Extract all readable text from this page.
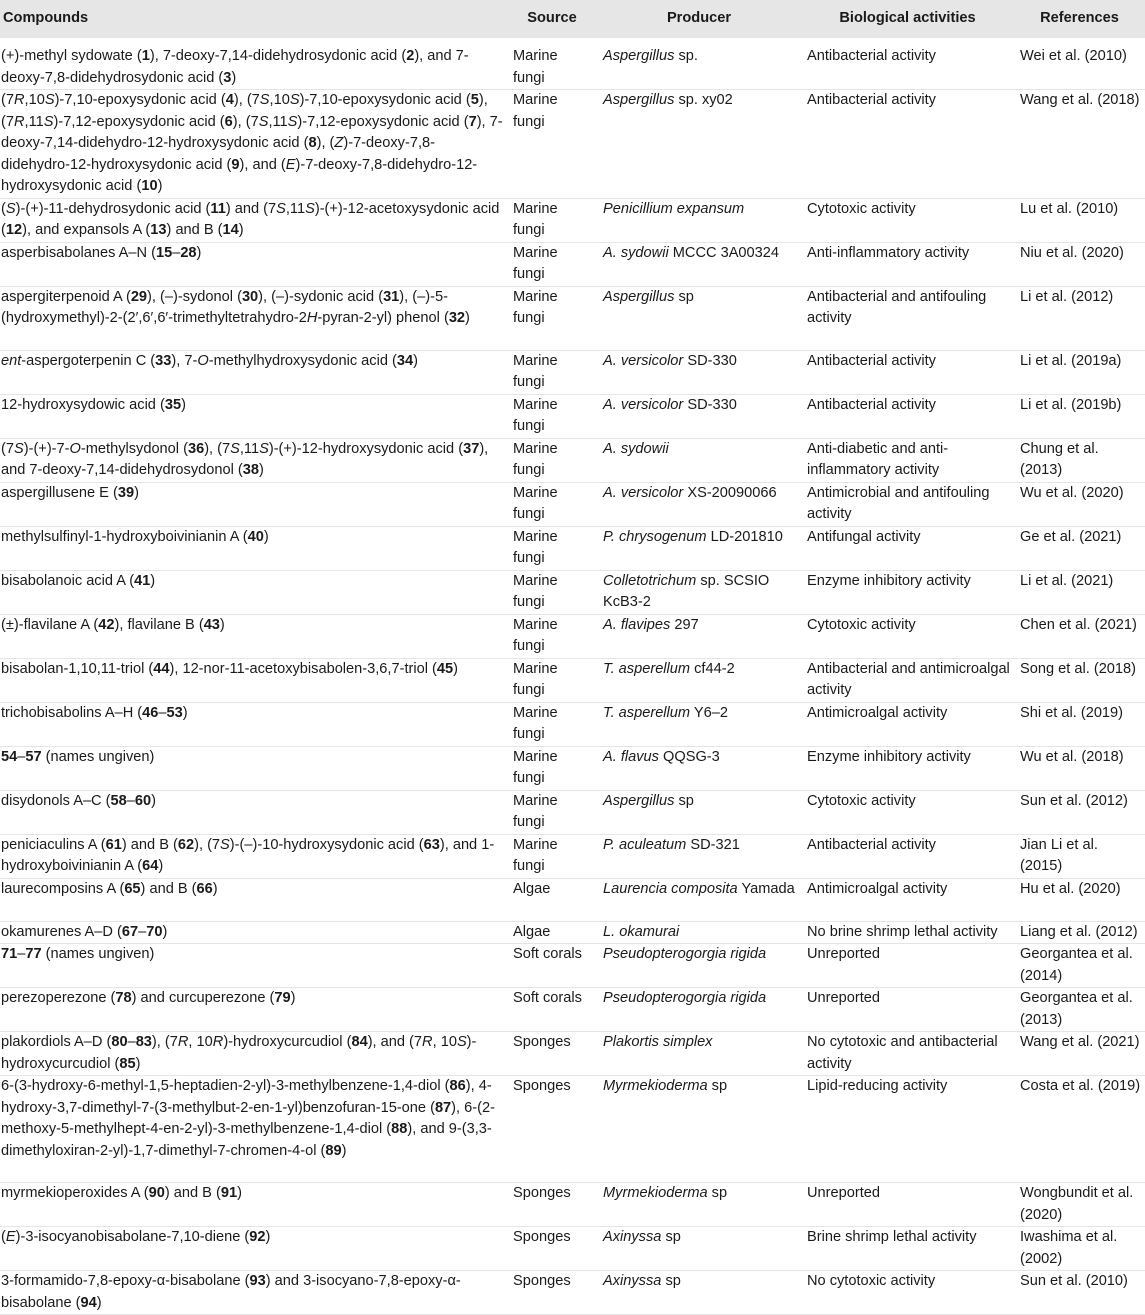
Compounds	Source	Producer	Biological activities	References
(+)-methyl sydowate (1), 7-deoxy-7,14-didehydrosydonic acid (2), and 7-deoxy-7,8-didehydrosydonic acid (3)	Marine fungi	Aspergillus sp.	Antibacterial activity	Wei et al. (2010)
(7R,10S)-7,10-epoxysydonic acid (4), (7S,10S)-7,10-epoxysydonic acid (5), (7R,11S)-7,12-epoxysydonic acid (6), (7S,11S)-7,12-epoxysydonic acid (7), 7-deoxy-7,14-didehydro-12-hydroxysydonic acid (8), (Z)-7-deoxy-7,8-didehydro-12-hydroxysydonic acid (9), and (E)-7-deoxy-7,8-didehydro-12-hydroxysydonic acid (10)	Marine fungi	Aspergillus sp. xy02	Antibacterial activity	Wang et al. (2018)
(S)-(+)-11-dehydrosydonic acid (11) and (7S,11S)-(+)-12-acetoxysydonic acid (12), and expansols A (13) and B (14)	Marine fungi	Penicillium expansum	Cytotoxic activity	Lu et al. (2010)
asperbisabolanes A–N (15–28)	Marine fungi	A. sydowii MCCC 3A00324	Anti-inflammatory activity	Niu et al. (2020)
aspergiterpenoid A (29), (–)-sydonol (30), (–)-sydonic acid (31), (–)-5-(hydroxymethyl)-2-(2′,6′,6′-trimethyltetrahydro-2H-pyran-2-yl) phenol (32)	Marine fungi	Aspergillus sp	Antibacterial and antifouling activity	Li et al. (2012)
ent-aspergoterpenin C (33), 7-O-methylhydroxysydonic acid (34)	Marine fungi	A. versicolor SD-330	Antibacterial activity	Li et al. (2019a)
12-hydroxysydowic acid (35)	Marine fungi	A. versicolor SD-330	Antibacterial activity	Li et al. (2019b)
(7S)-(+)-7-O-methylsydonol (36), (7S,11S)-(+)-12-hydroxysydonic acid (37), and 7-deoxy-7,14-didehydrosydonol (38)	Marine fungi	A. sydowii	Anti-diabetic and anti-inflammatory activity	Chung et al. (2013)
aspergillusene E (39)	Marine fungi	A. versicolor XS-20090066	Antimicrobial and antifouling activity	Wu et al. (2020)
methylsulfinyl-1-hydroxyboivinianin A (40)	Marine fungi	P. chrysogenum LD-201810	Antifungal activity	Ge et al. (2021)
bisabolanoic acid A (41)	Marine fungi	Colletotrichum sp. SCSIO KcB3-2	Enzyme inhibitory activity	Li et al. (2021)
(±)-flavilane A (42), flavilane B (43)	Marine fungi	A. flavipes 297	Cytotoxic activity	Chen et al. (2021)
bisabolan-1,10,11-triol (44), 12-nor-11-acetoxybisabolen-3,6,7-triol (45)	Marine fungi	T. asperellum cf44-2	Antibacterial and antimicroalgal activity	Song et al. (2018)
trichobisabolins A–H (46–53)	Marine fungi	T. asperellum Y6–2	Antimicroalgal activity	Shi et al. (2019)
54–57 (names ungiven)	Marine fungi	A. flavus QQSG-3	Enzyme inhibitory activity	Wu et al. (2018)
disydonols A–C (58–60)	Marine fungi	Aspergillus sp	Cytotoxic activity	Sun et al. (2012)
peniciaculins A (61) and B (62), (7S)-(–)-10-hydroxysydonic acid (63), and 1-hydroxyboivinianin A (64)	Marine fungi	P. aculeatum SD-321	Antibacterial activity	Jian Li et al. (2015)
laurecomposins A (65) and B (66)	Algae	Laurencia composita Yamada	Antimicroalgal activity	Hu et al. (2020)
okamurenes A–D (67–70)	Algae	L. okamurai	No brine shrimp lethal activity	Liang et al. (2012)
71–77 (names ungiven)	Soft corals	Pseudopterogorgia rigida	Unreported	Georgantea et al. (2014)
perezoperezone (78) and curcuperezone (79)	Soft corals	Pseudopterogorgia rigida	Unreported	Georgantea et al. (2013)
plakordiols A–D (80–83), (7R, 10R)-hydroxycurcudiol (84), and (7R, 10S)-hydroxycurcudiol (85)	Sponges	Plakortis simplex	No cytotoxic and antibacterial activity	Wang et al. (2021)
6-(3-hydroxy-6-methyl-1,5-heptadien-2-yl)-3-methylbenzene-1,4-diol (86), 4-hydroxy-3,7-dimethyl-7-(3-methylbut-2-en-1-yl)benzofuran-15-one (87), 6-(2-methoxy-5-methylhept-4-en-2-yl)-3-methylbenzene-1,4-diol (88), and 9-(3,3-dimethyloxiran-2-yl)-1,7-dimethyl-7-chromen-4-ol (89)	Sponges	Myrmekioderma sp	Lipid-reducing activity	Costa et al. (2019)
myrmekioperoxides A (90) and B (91)	Sponges	Myrmekioderma sp	Unreported	Wongbundit et al. (2020)
(E)-3-isocyanobisabolane-7,10-diene (92)	Sponges	Axinyssa sp	Brine shrimp lethal activity	Iwashima et al. (2002)
3-formamido-7,8-epoxy-α-bisabolane (93) and 3-isocyano-7,8-epoxy-α-bisabolane (94)	Sponges	Axinyssa sp	No cytotoxic activity	Sun et al. (2010)
